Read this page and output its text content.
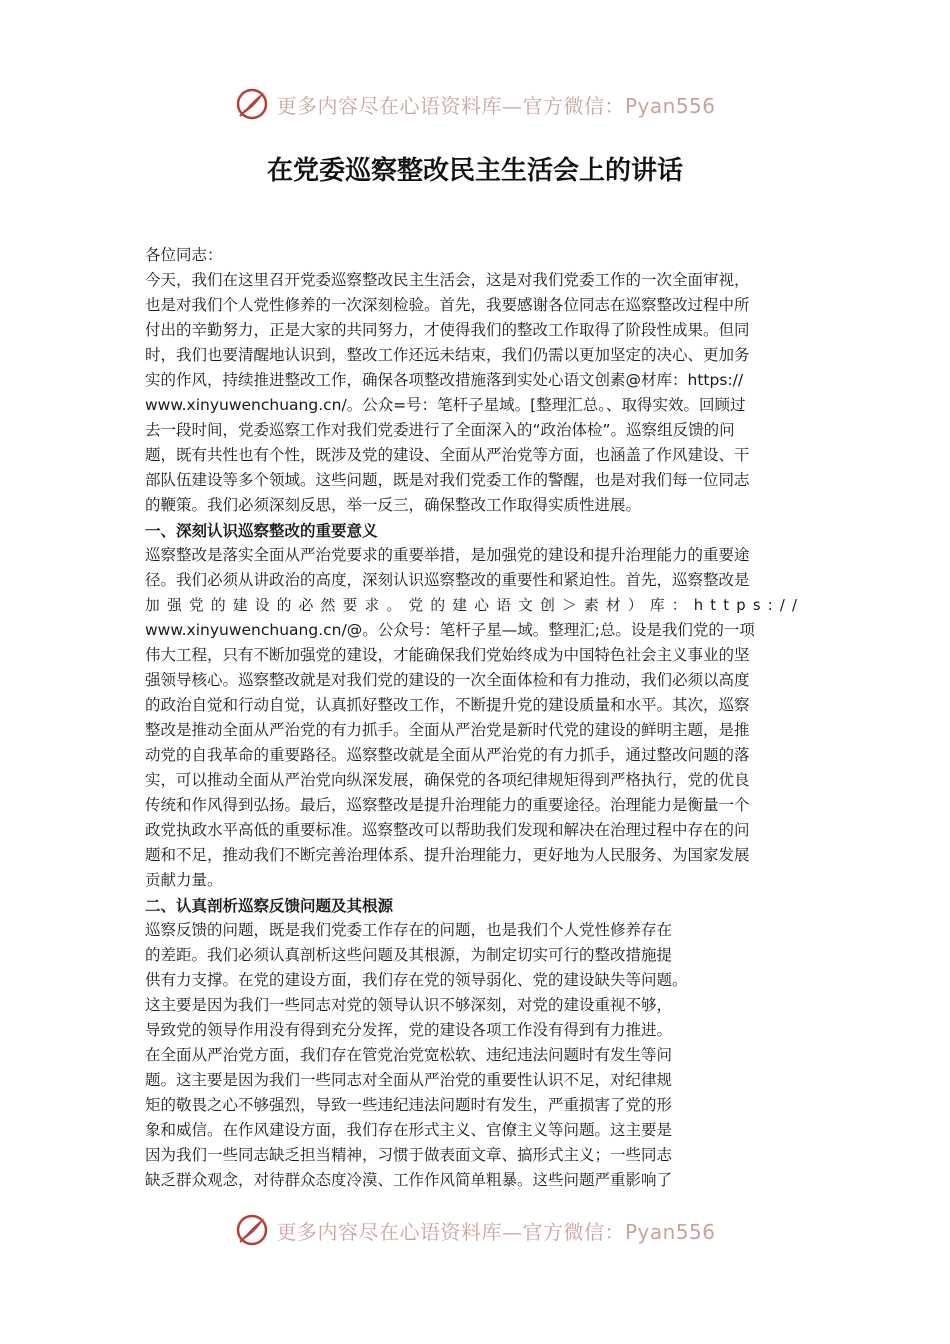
更多内容尽在心语资料库—官方微信：Pyan556
在党委巡察整改民主生活会上的讲话
各位同志：
今天，我们在这里召开党委巡察整改民主生活会，这是对我们党委工作的一次全面审视，
也是对我们个人党性修养的一次深刻检验。首先，我要感谢各位同志在巡察整改过程中所
付出的辛勤努力，正是大家的共同努力，才使得我们的整改工作取得了阶段性成果。但同
时，我们也要清醒地认识到，整改工作还远未结束，我们仍需以更加坚定的决心、更加务
实的作风，持续推进整改工作，确保各项整改措施落到实处心语文创素@材库：https://
www.xinyuwenchuang.cn/。公众=号：笔杆子星域。[整理汇总。、取得实效。回顾过
去一段时间，党委巡察工作对我们党委进行了全面深入的“政治体检”。巡察组反馈的问
题，既有共性也有个性，既涉及党的建设、全面从严治党等方面，也涵盖了作风建设、干
部队伍建设等多个领域。这些问题，既是对我们党委工作的警醒，也是对我们每一位同志
的鞭策。我们必须深刻反思，举一反三，确保整改工作取得实质性进展。
一、深刻认识巡察整改的重要意义
巡察整改是落实全面从严治党要求的重要举措，是加强党的建设和提升治理能力的重要途
径。我们必须从讲政治的高度，深刻认识巡察整改的重要性和紧迫性。首先，巡察整改是
加强党的建设的必然要求。党的建心语文创＞素材）库：https://
www.xinyuwenchuang.cn/@。公众号：笔杆子星—域。整理汇;总。设是我们党的一项
伟大工程，只有不断加强党的建设，才能确保我们党始终成为中国特色社会主义事业的坚
强领导核心。巡察整改就是对我们党的建设的一次全面体检和有力推动，我们必须以高度
的政治自觉和行动自觉，认真抓好整改工作，不断提升党的建设质量和水平。其次，巡察
整改是推动全面从严治党的有力抓手。全面从严治党是新时代党的建设的鲜明主题，是推
动党的自我革命的重要路径。巡察整改就是全面从严治党的有力抓手，通过整改问题的落
实，可以推动全面从严治党向纵深发展，确保党的各项纪律规矩得到严格执行，党的优良
传统和作风得到弘扬。最后，巡察整改是提升治理能力的重要途径。治理能力是衡量一个
政党执政水平高低的重要标准。巡察整改可以帮助我们发现和解决在治理过程中存在的问
题和不足，推动我们不断完善治理体系、提升治理能力，更好地为人民服务、为国家发展
贡献力量。
二、认真剖析巡察反馈问题及其根源
巡察反馈的问题，既是我们党委工作存在的问题，也是我们个人党性修养存在
的差距。我们必须认真剖析这些问题及其根源，为制定切实可行的整改措施提
供有力支撑。在党的建设方面，我们存在党的领导弱化、党的建设缺失等问题。
这主要是因为我们一些同志对党的领导认识不够深刻，对党的建设重视不够，
导致党的领导作用没有得到充分发挥，党的建设各项工作没有得到有力推进。
在全面从严治党方面，我们存在管党治党宽松软、违纪违法问题时有发生等问
题。这主要是因为我们一些同志对全面从严治党的重要性认识不足，对纪律规
矩的敬畏之心不够强烈，导致一些违纪违法问题时有发生，严重损害了党的形
象和威信。在作风建设方面，我们存在形式主义、官僚主义等问题。这主要是
因为我们一些同志缺乏担当精神，习惯于做表面文章、搞形式主义；一些同志
缺乏群众观念，对待群众态度冷漠、工作作风简单粗暴。这些问题严重影响了
更多内容尽在心语资料库—官方微信：Pyan556
